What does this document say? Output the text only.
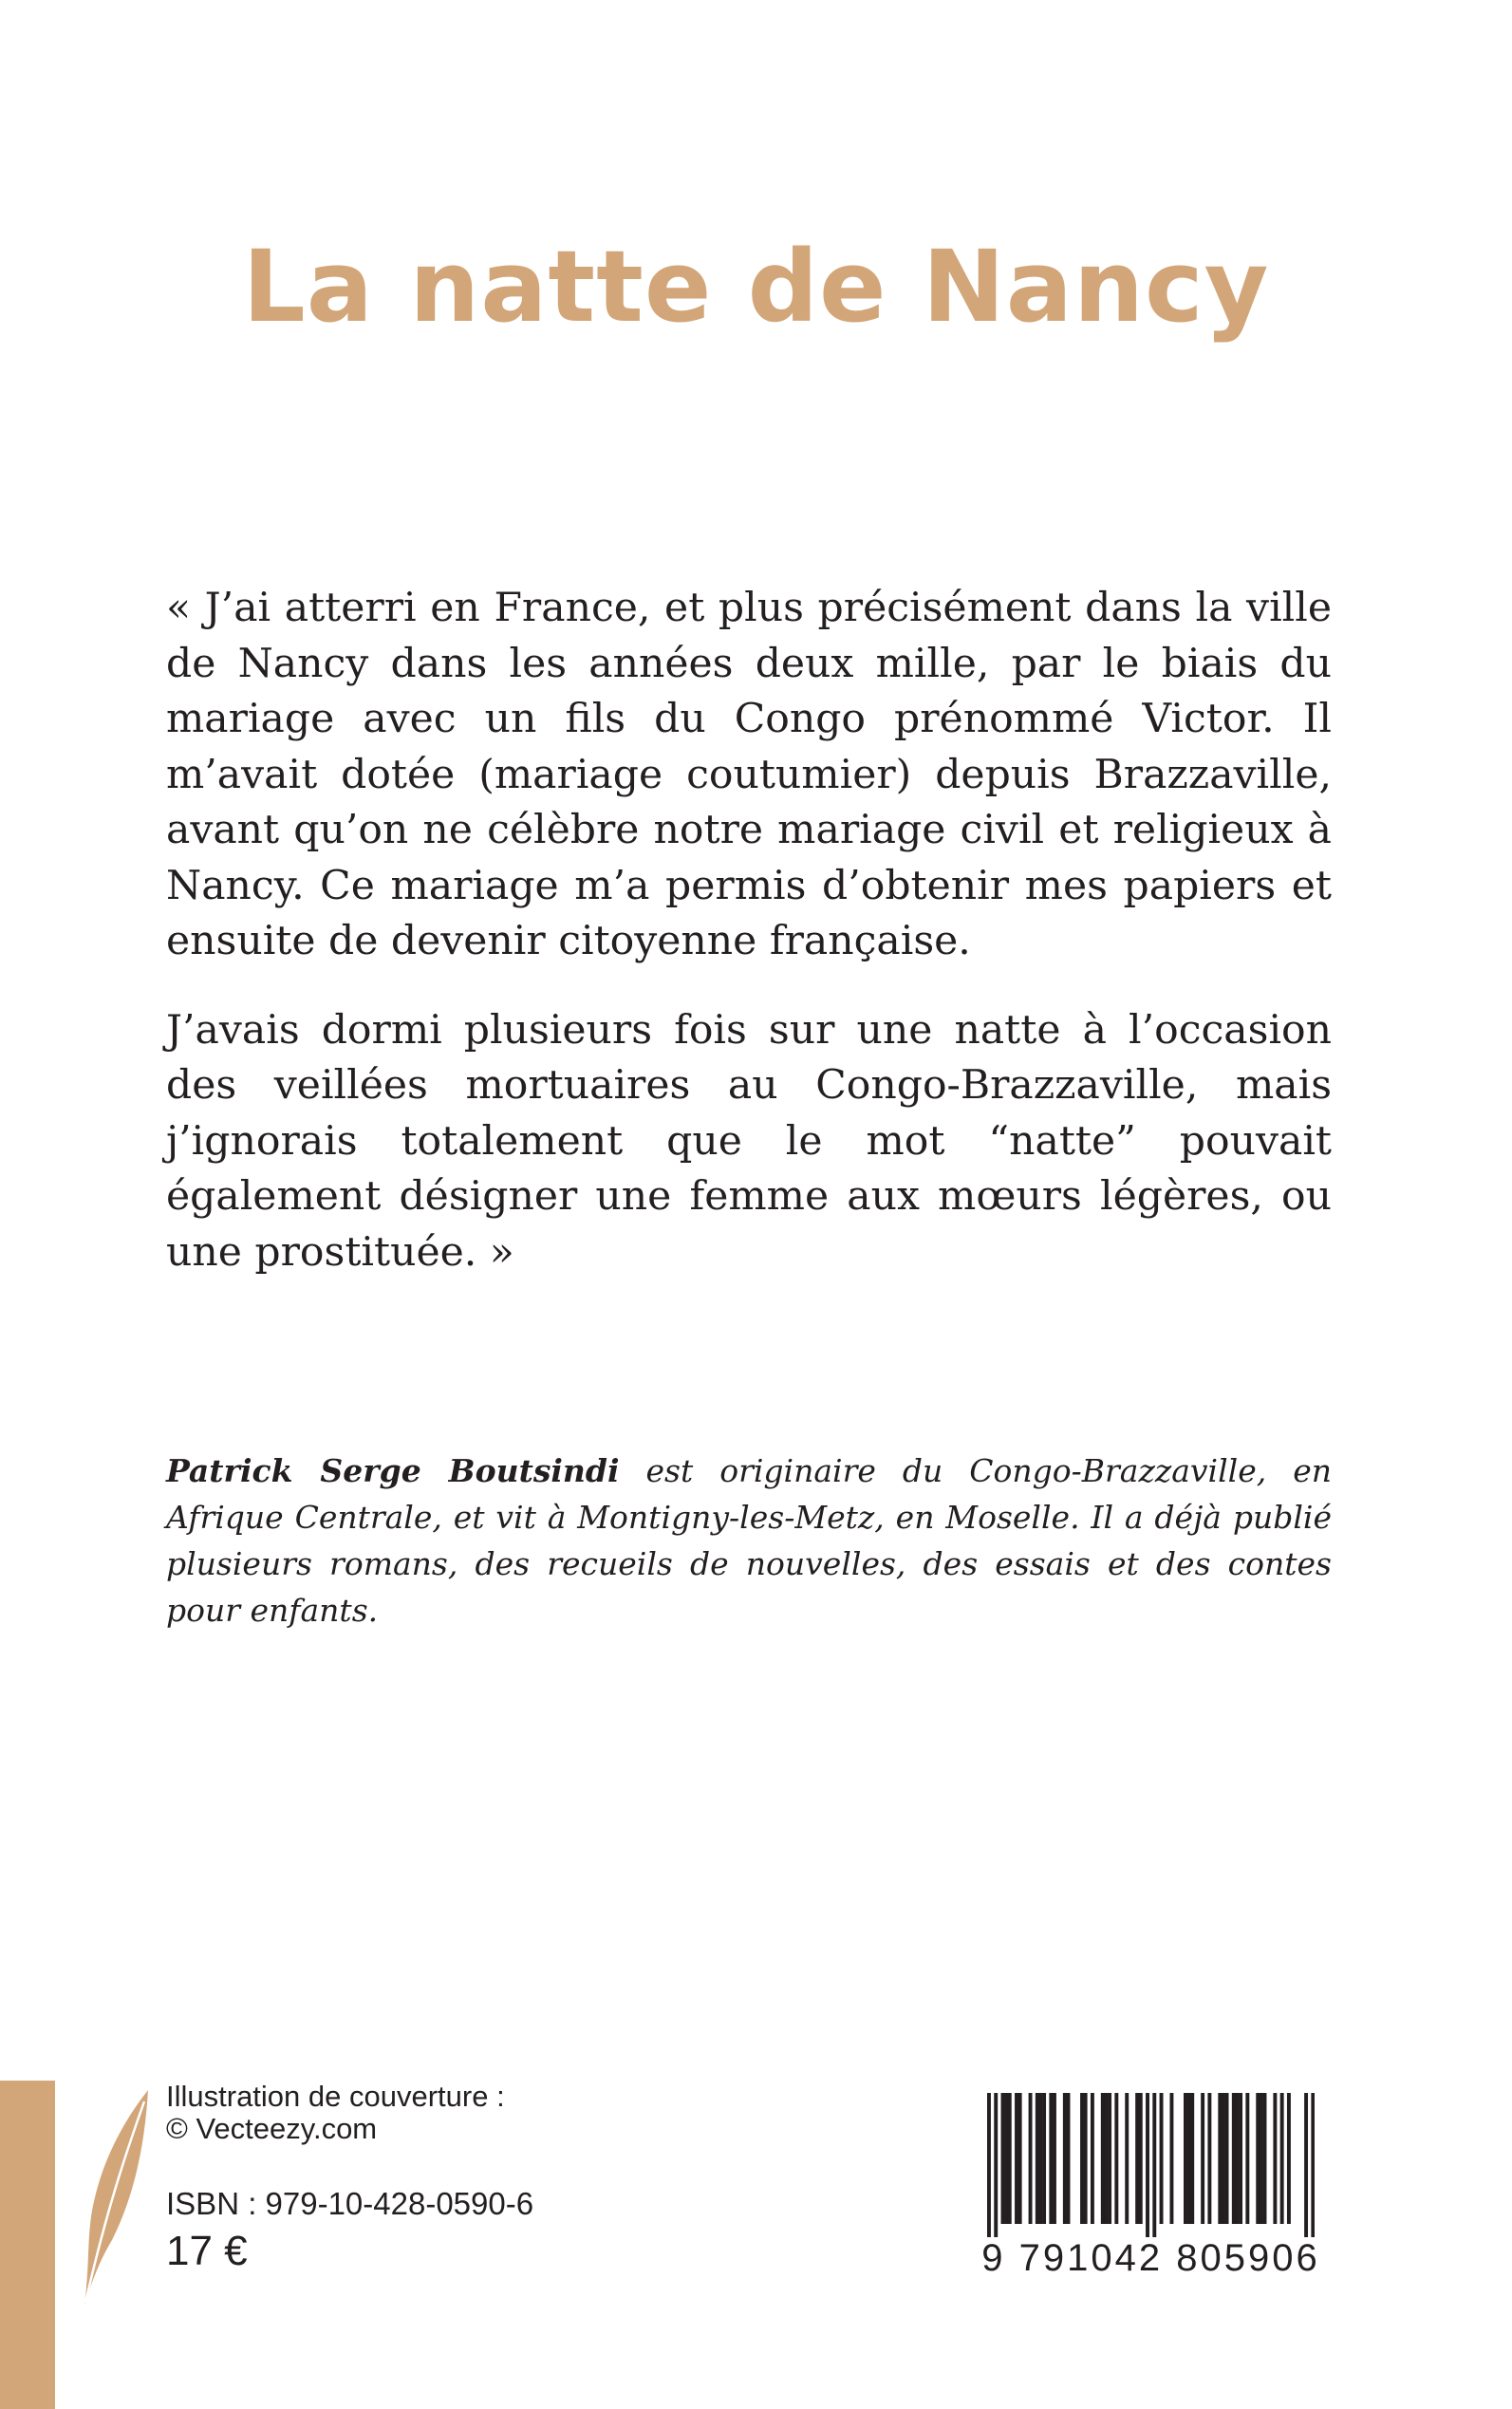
La natte de Nancy

« J’ai atterri en France, et plus précisément dans la ville de Nancy dans les années deux mille, par le biais du mariage avec un fils du Congo prénommé Victor. Il m’avait dotée (mariage coutumier) depuis Brazzaville, avant qu’on ne célèbre notre mariage civil et religieux à Nancy. Ce mariage m’a permis d’obtenir mes papiers et ensuite de devenir citoyenne française.

J’avais dormi plusieurs fois sur une natte à l’occasion des veillées mortuaires au Congo-Brazzaville, mais j’ignorais totalement que le mot “natte” pouvait également désigner une femme aux mœurs légères, ou une prostituée. »

Patrick Serge Boutsindi est originaire du Congo-Brazzaville, en Afrique Centrale, et vit à Montigny-les-Metz, en Moselle. Il a déjà publié plusieurs romans, des recueils de nouvelles, des essais et des contes pour enfants.

Illustration de couverture :
© Vecteezy.com
ISBN : 979-10-428-0590-6
17 €	9 791042 805906
